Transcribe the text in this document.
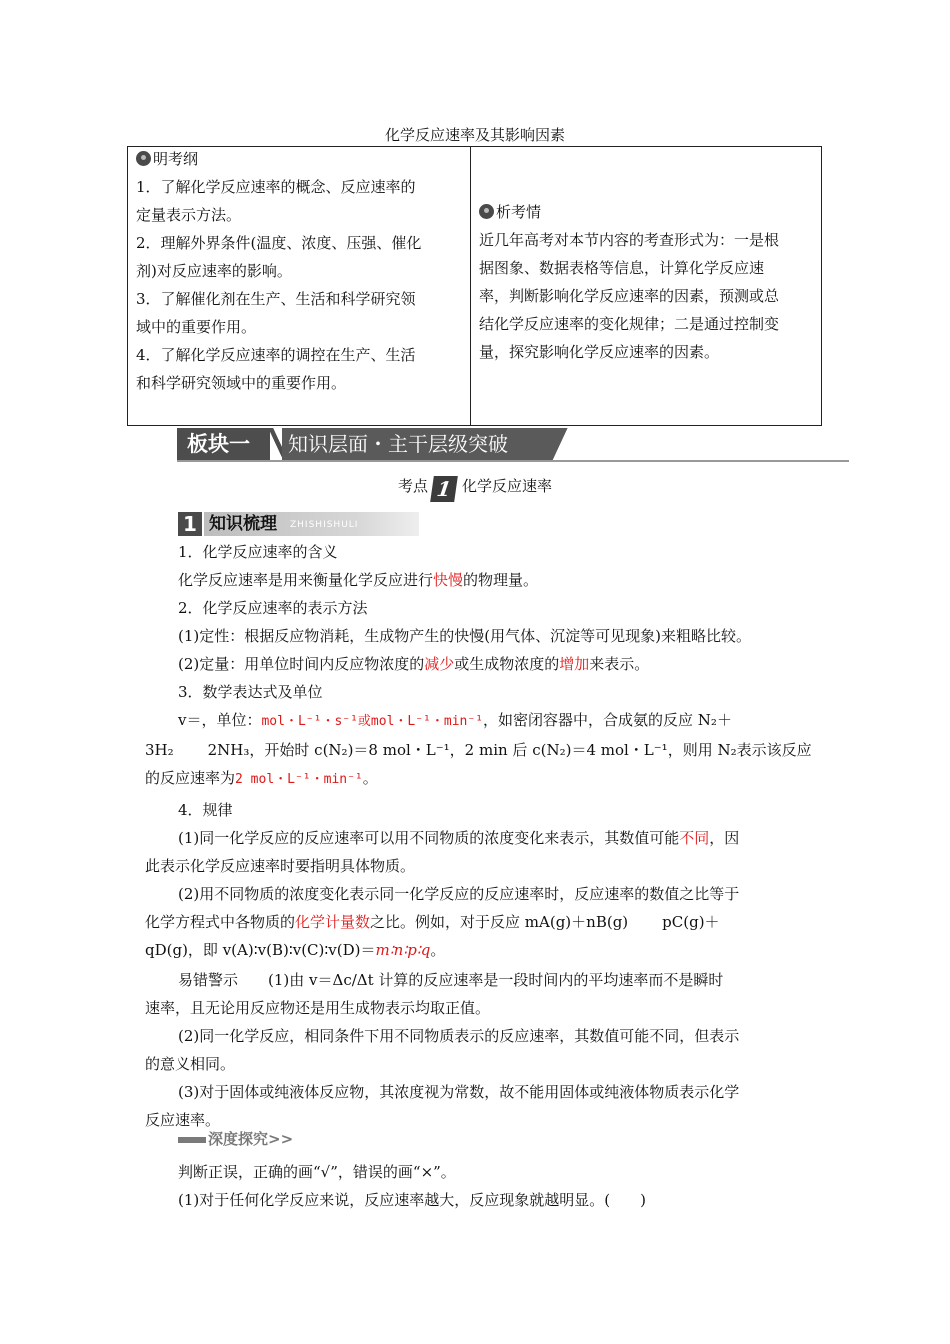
化学反应速率及其影响因素
明考纲
1．了解化学反应速率的概念、反应速率的
定量表示方法。
2．理解外界条件(温度、浓度、压强、催化
剂)对反应速率的影响。
3．了解催化剂在生产、生活和科学研究领
域中的重要作用。
4．了解化学反应速率的调控在生产、生活
和科学研究领域中的重要作用。
析考情
近几年高考对本节内容的考查形式为：一是根
据图象、数据表格等信息，计算化学反应速
率，判断影响化学反应速率的因素，预测或总
结化学反应速率的变化规律；二是通过控制变
量，探究影响化学反应速率的因素。
板块一	知识层面・主干层级突破
考点 1 化学反应速率
1 知识梳理 ZHISHISHULI
1．化学反应速率的含义
化学反应速率是用来衡量化学反应进行快慢的物理量。
2．化学反应速率的表示方法
(1)定性：根据反应物消耗，生成物产生的快慢(用气体、沉淀等可见现象)来粗略比较。
(2)定量：用单位时间内反应物浓度的减少或生成物浓度的增加来表示。
3．数学表达式及单位
v＝，单位：mol・L⁻¹・s⁻¹或mol・L⁻¹・min⁻¹，如密闭容器中，合成氨的反应 N₂＋
3H₂ 2NH₃，开始时 c(N₂)＝8 mol・L⁻¹，2 min 后 c(N₂)＝4 mol・L⁻¹，则用 N₂表示该反应
的反应速率为2 mol・L⁻¹・min⁻¹。
4．规律
(1)同一化学反应的反应速率可以用不同物质的浓度变化来表示，其数值可能不同，因
此表示化学反应速率时要指明具体物质。
(2)用不同物质的浓度变化表示同一化学反应的反应速率时，反应速率的数值之比等于
化学方程式中各物质的化学计量数之比。例如，对于反应 mA(g)＋nB(g) pC(g)＋
qD(g)，即 v(A)∶v(B)∶v(C)∶v(D)＝m∶n∶p∶q。
易错警示 (1)由 v＝Δc/Δt 计算的反应速率是一段时间内的平均速率而不是瞬时
速率，且无论用反应物还是用生成物表示均取正值。
(2)同一化学反应，相同条件下用不同物质表示的反应速率，其数值可能不同，但表示
的意义相同。
(3)对于固体或纯液体反应物，其浓度视为常数，故不能用固体或纯液体物质表示化学
反应速率。
深度探究>>
判断正误，正确的画“√”，错误的画“×”。
(1)对于任何化学反应来说，反应速率越大，反应现象就越明显。(　　)
